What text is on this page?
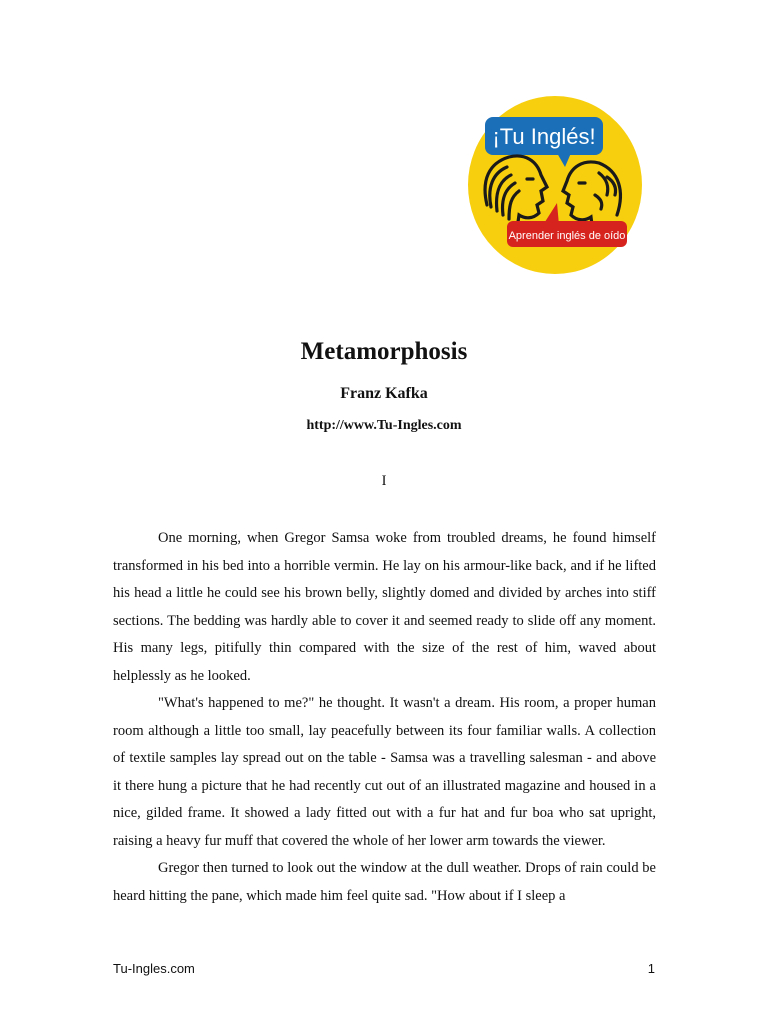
¡Tu Inglés!
Aprender inglés de oído
Metamorphosis
Franz Kafka
http://www.Tu-Ingles.com
I

One morning, when Gregor Samsa woke from troubled dreams, he found himself transformed in his bed into a horrible vermin. He lay on his armour-like back, and if he lifted his head a little he could see his brown belly, slightly domed and divided by arches into stiff sections. The bedding was hardly able to cover it and seemed ready to slide off any moment. His many legs, pitifully thin compared with the size of the rest of him, waved about helplessly as he looked.

"What's happened to me?" he thought. It wasn't a dream. His room, a proper human room although a little too small, lay peacefully between its four familiar walls. A collection of textile samples lay spread out on the table - Samsa was a travelling salesman - and above it there hung a picture that he had recently cut out of an illustrated magazine and housed in a nice, gilded frame. It showed a lady fitted out with a fur hat and fur boa who sat upright, raising a heavy fur muff that covered the whole of her lower arm towards the viewer.

Gregor then turned to look out the window at the dull weather. Drops of rain could be heard hitting the pane, which made him feel quite sad. "How about if I sleep a

Tu-Ingles.com	1
